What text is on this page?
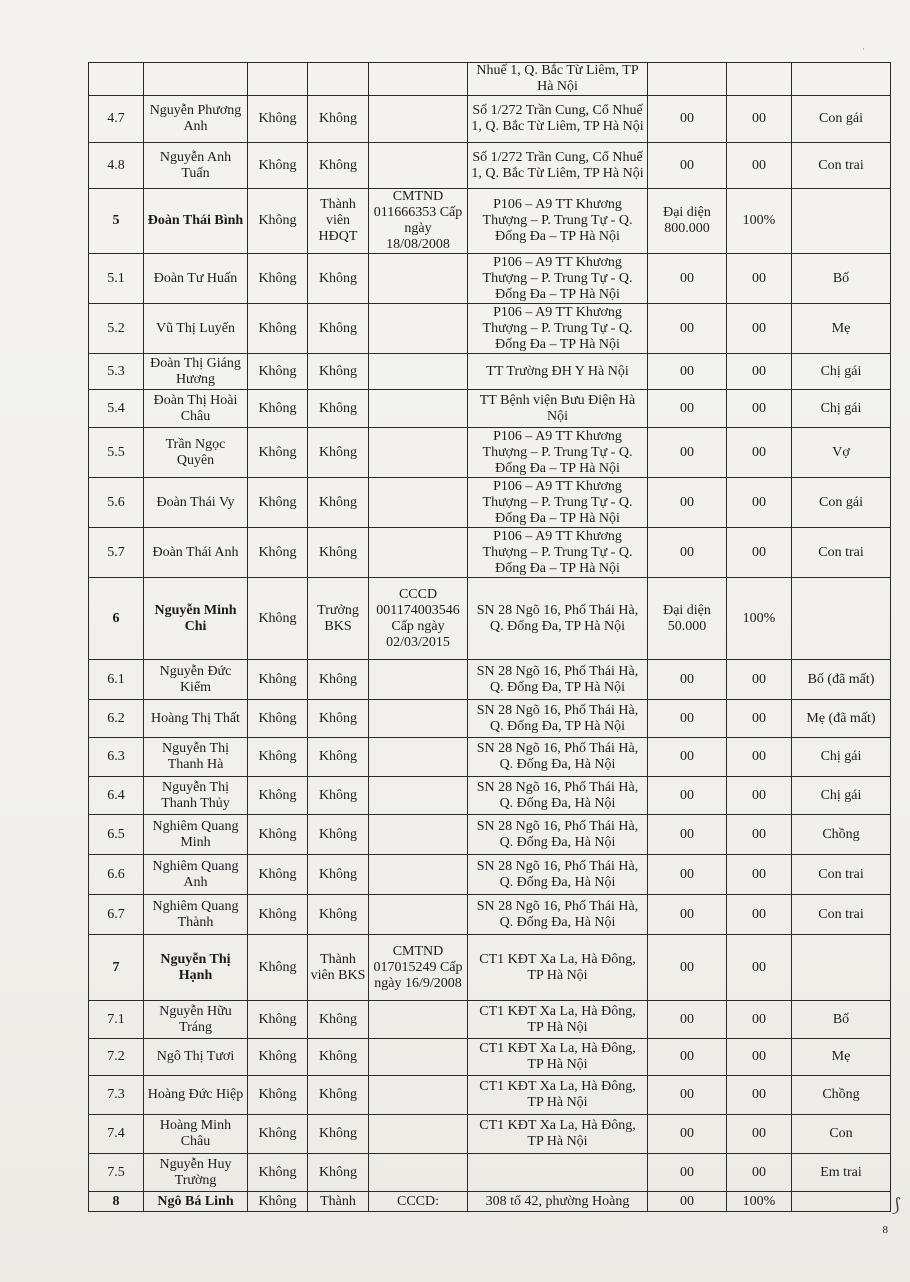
					Nhuế 1, Q. Bắc Từ Liêm, TP Hà Nội			
4.7	Nguyễn Phương Anh	Không	Không		Số 1/272 Trần Cung, Cổ Nhuế 1, Q. Bắc Từ Liêm, TP Hà Nội	00	00	Con gái
4.8	Nguyễn Anh Tuấn	Không	Không		Số 1/272 Trần Cung, Cổ Nhuế 1, Q. Bắc Từ Liêm, TP Hà Nội	00	00	Con trai
5	Đoàn Thái Bình	Không	Thành viên HĐQT	CMTND 011666353 Cấp ngày 18/08/2008	P106 – A9 TT Khương Thượng – P. Trung Tự - Q. Đống Đa – TP Hà Nội	Đại diện 800.000	100%	
5.1	Đoàn Tư Huấn	Không	Không		P106 – A9 TT Khương Thượng – P. Trung Tự - Q. Đống Đa – TP Hà Nội	00	00	Bố
5.2	Vũ Thị Luyến	Không	Không		P106 – A9 TT Khương Thượng – P. Trung Tự - Q. Đống Đa – TP Hà Nội	00	00	Mẹ
5.3	Đoàn Thị Giáng Hương	Không	Không		TT Trường ĐH Y Hà Nội	00	00	Chị gái
5.4	Đoàn Thị Hoài Châu	Không	Không		TT Bệnh viện Bưu Điện Hà Nội	00	00	Chị gái
5.5	Trần Ngọc Quyên	Không	Không		P106 – A9 TT Khương Thượng – P. Trung Tự - Q. Đống Đa – TP Hà Nội	00	00	Vợ
5.6	Đoàn Thái Vy	Không	Không		P106 – A9 TT Khương Thượng – P. Trung Tự - Q. Đống Đa – TP Hà Nội	00	00	Con gái
5.7	Đoàn Thái Anh	Không	Không		P106 – A9 TT Khương Thượng – P. Trung Tự - Q. Đống Đa – TP Hà Nội	00	00	Con trai
6	Nguyễn Minh Chi	Không	Trưởng BKS	CCCD 001174003546 Cấp ngày 02/03/2015	SN 28 Ngõ 16, Phố Thái Hà, Q. Đống Đa, TP Hà Nội	Đại diện 50.000	100%	
6.1	Nguyễn Đức Kiểm	Không	Không		SN 28 Ngõ 16, Phố Thái Hà, Q. Đống Đa, TP Hà Nội	00	00	Bố (đã mất)
6.2	Hoàng Thị Thất	Không	Không		SN 28 Ngõ 16, Phố Thái Hà, Q. Đống Đa, TP Hà Nội	00	00	Mẹ (đã mất)
6.3	Nguyễn Thị Thanh Hà	Không	Không		SN 28 Ngõ 16, Phố Thái Hà, Q. Đống Đa, Hà Nội	00	00	Chị gái
6.4	Nguyễn Thị Thanh Thủy	Không	Không		SN 28 Ngõ 16, Phố Thái Hà, Q. Đống Đa, Hà Nội	00	00	Chị gái
6.5	Nghiêm Quang Minh	Không	Không		SN 28 Ngõ 16, Phố Thái Hà, Q. Đống Đa, Hà Nội	00	00	Chồng
6.6	Nghiêm Quang Anh	Không	Không		SN 28 Ngõ 16, Phố Thái Hà, Q. Đống Đa, Hà Nội	00	00	Con trai
6.7	Nghiêm Quang Thành	Không	Không		SN 28 Ngõ 16, Phố Thái Hà, Q. Đống Đa, Hà Nội	00	00	Con trai
7	Nguyễn Thị Hạnh	Không	Thành viên BKS	CMTND 017015249 Cấp ngày 16/9/2008	CT1 KĐT Xa La, Hà Đông, TP Hà Nội	00	00	
7.1	Nguyễn Hữu Tráng	Không	Không		CT1 KĐT Xa La, Hà Đông, TP Hà Nội	00	00	Bố
7.2	Ngô Thị Tươi	Không	Không		CT1 KĐT Xa La, Hà Đông, TP Hà Nội	00	00	Mẹ
7.3	Hoàng Đức Hiệp	Không	Không		CT1 KĐT Xa La, Hà Đông, TP Hà Nội	00	00	Chồng
7.4	Hoàng Minh Châu	Không	Không		CT1 KĐT Xa La, Hà Đông, TP Hà Nội	00	00	Con
7.5	Nguyễn Huy Trường	Không	Không			00	00	Em trai
8	Ngô Bá Linh	Không	Thành	CCCD:	308 tổ 42, phường Hoàng	00	100%	
·
⟆
8
